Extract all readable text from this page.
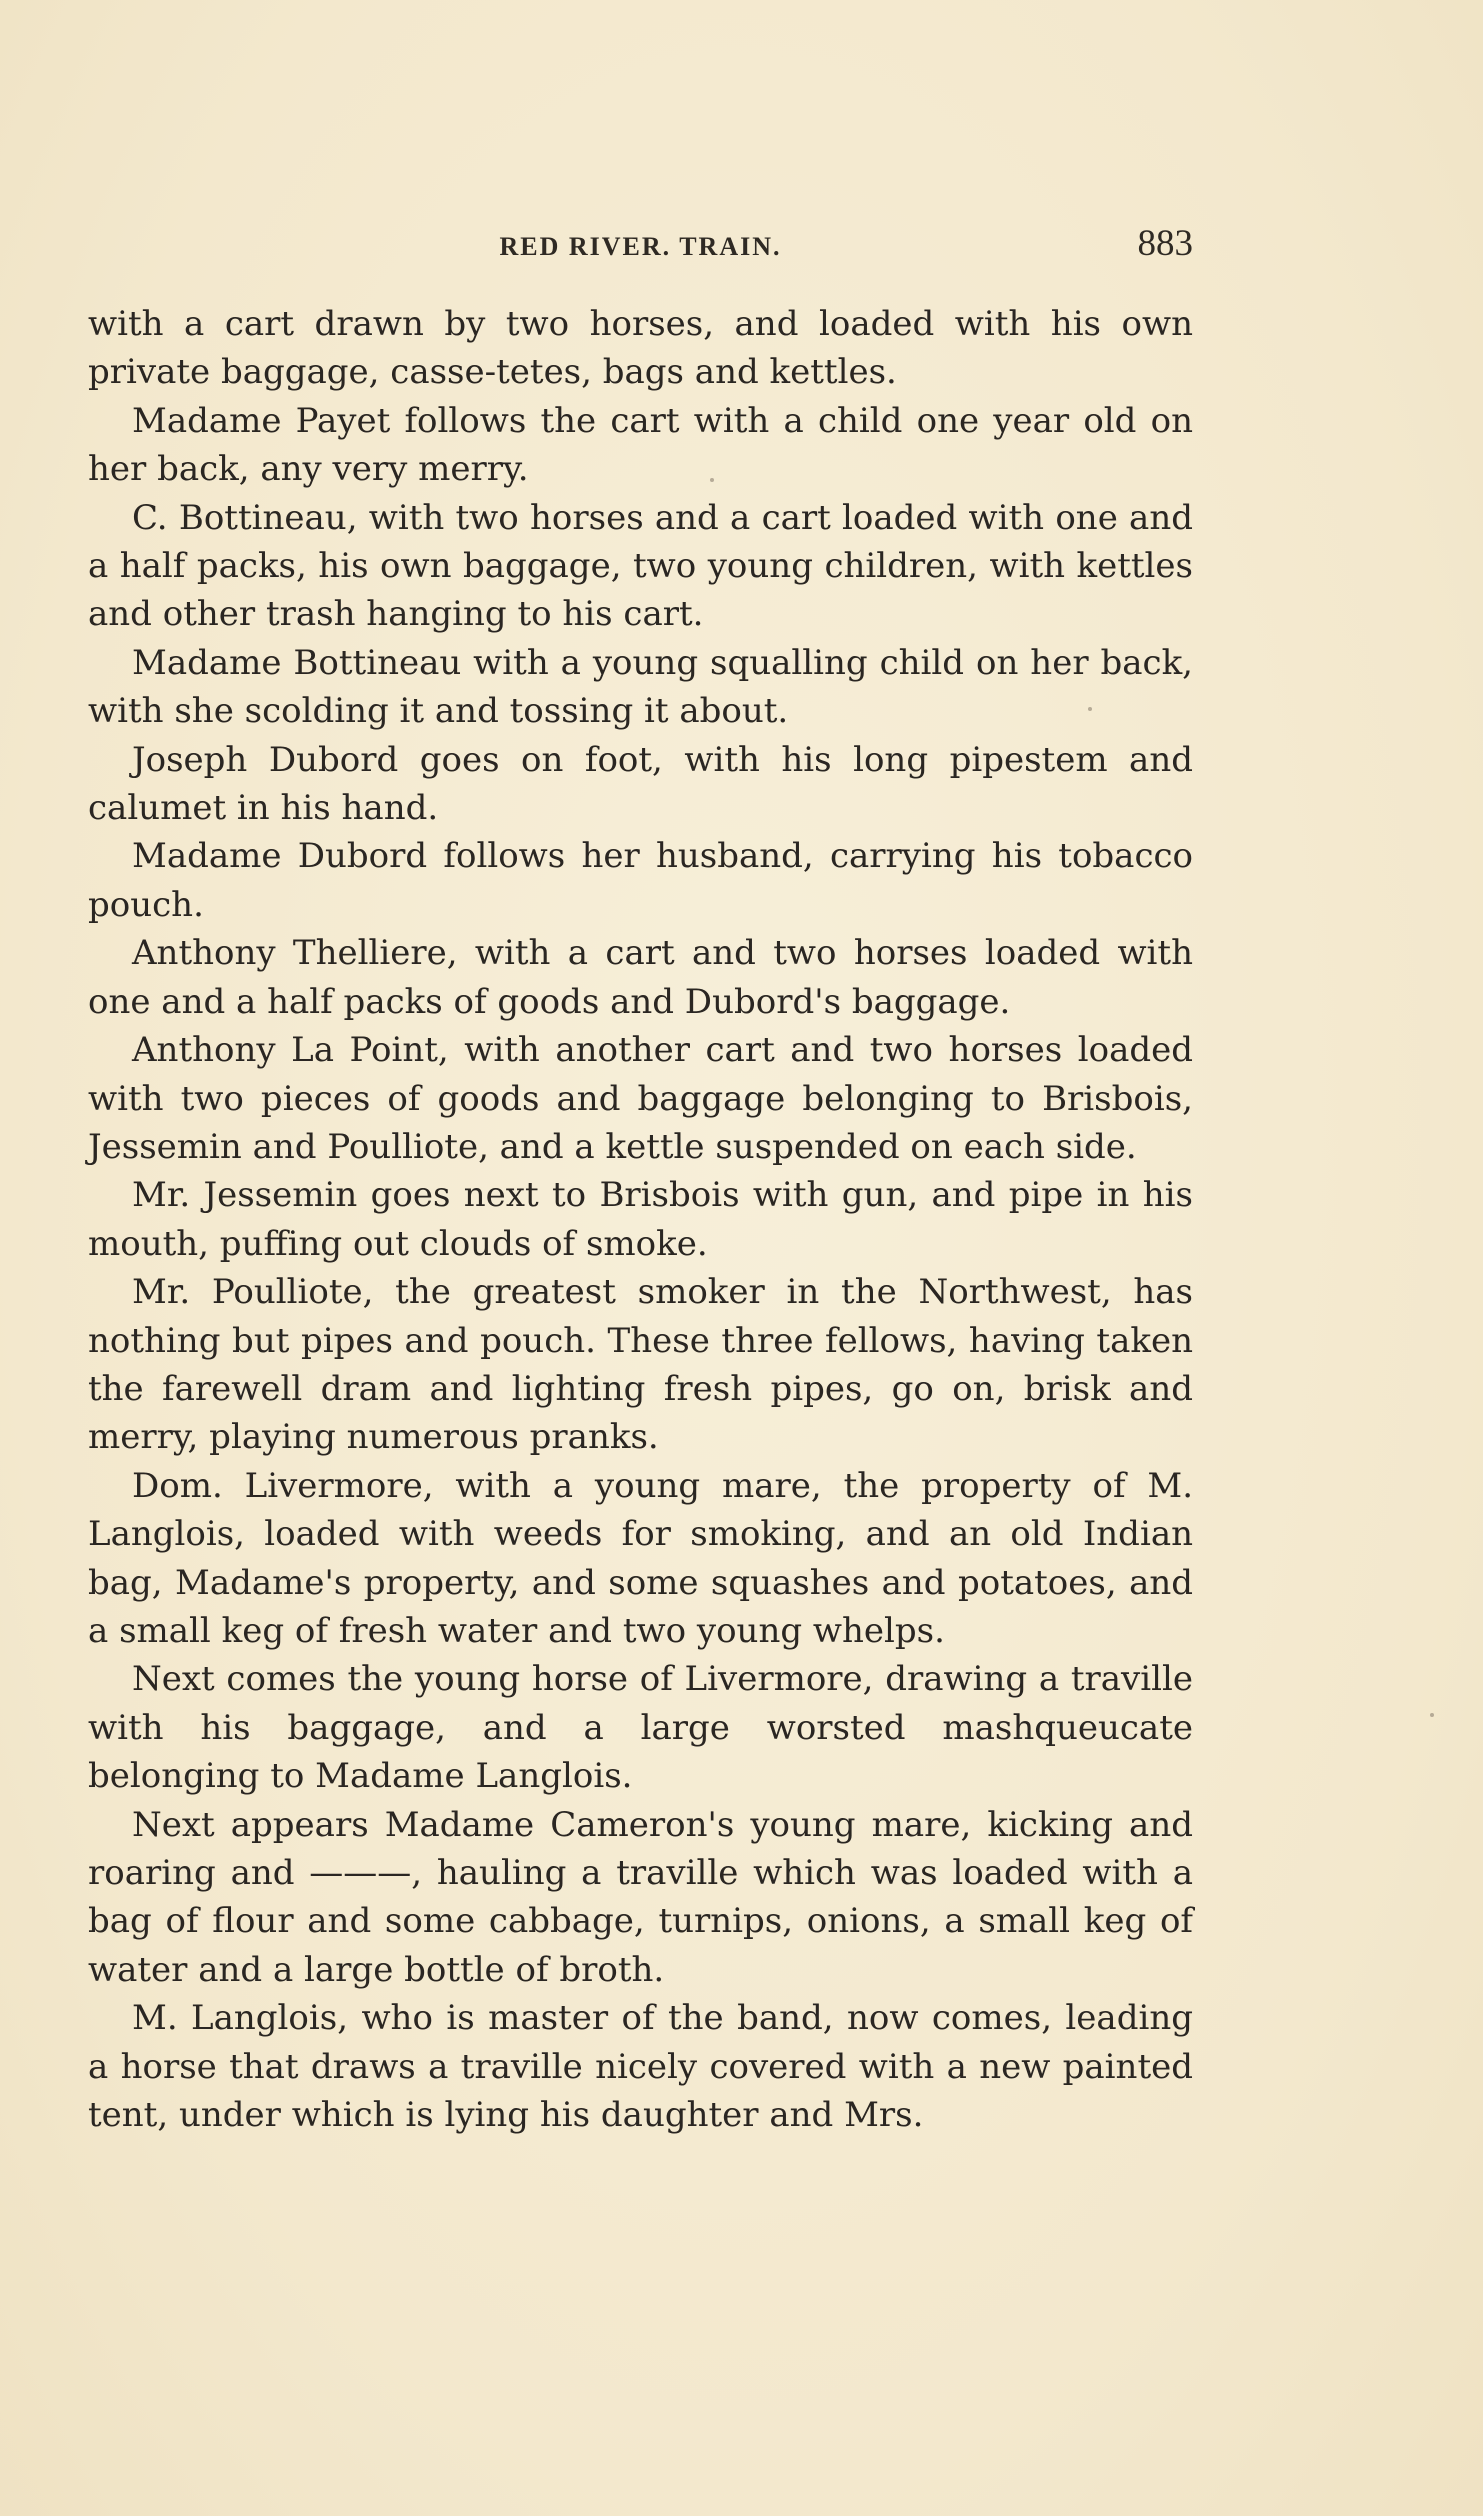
RED RIVER. TRAIN.	883

with a cart drawn by two horses, and loaded with his own private baggage, casse-tetes, bags and kettles.

Madame Payet follows the cart with a child one year old on her back, any very merry.

C. Bottineau, with two horses and a cart loaded with one and a half packs, his own baggage, two young children, with kettles and other trash hanging to his cart.

Madame Bottineau with a young squalling child on her back, with she scolding it and tossing it about.

Joseph Dubord goes on foot, with his long pipestem and calumet in his hand.

Madame Dubord follows her husband, carrying his tobacco pouch.

Anthony Thelliere, with a cart and two horses loaded with one and a half packs of goods and Dubord's baggage.

Anthony La Point, with another cart and two horses loaded with two pieces of goods and baggage belonging to Brisbois, Jessemin and Poulliote, and a kettle suspended on each side.

Mr. Jessemin goes next to Brisbois with gun, and pipe in his mouth, puffing out clouds of smoke.

Mr. Poulliote, the greatest smoker in the Northwest, has nothing but pipes and pouch. These three fellows, having taken the farewell dram and lighting fresh pipes, go on, brisk and merry, playing numerous pranks.

Dom. Livermore, with a young mare, the property of M. Langlois, loaded with weeds for smoking, and an old Indian bag, Madame's property, and some squashes and potatoes, and a small keg of fresh water and two young whelps.

Next comes the young horse of Livermore, drawing a traville with his baggage, and a large worsted mashqueucate belonging to Madame Langlois.

Next appears Madame Cameron's young mare, kicking and roaring and ———, hauling a traville which was loaded with a bag of flour and some cabbage, turnips, onions, a small keg of water and a large bottle of broth.

M. Langlois, who is master of the band, now comes, leading a horse that draws a traville nicely covered with a new painted tent, under which is lying his daughter and Mrs.
